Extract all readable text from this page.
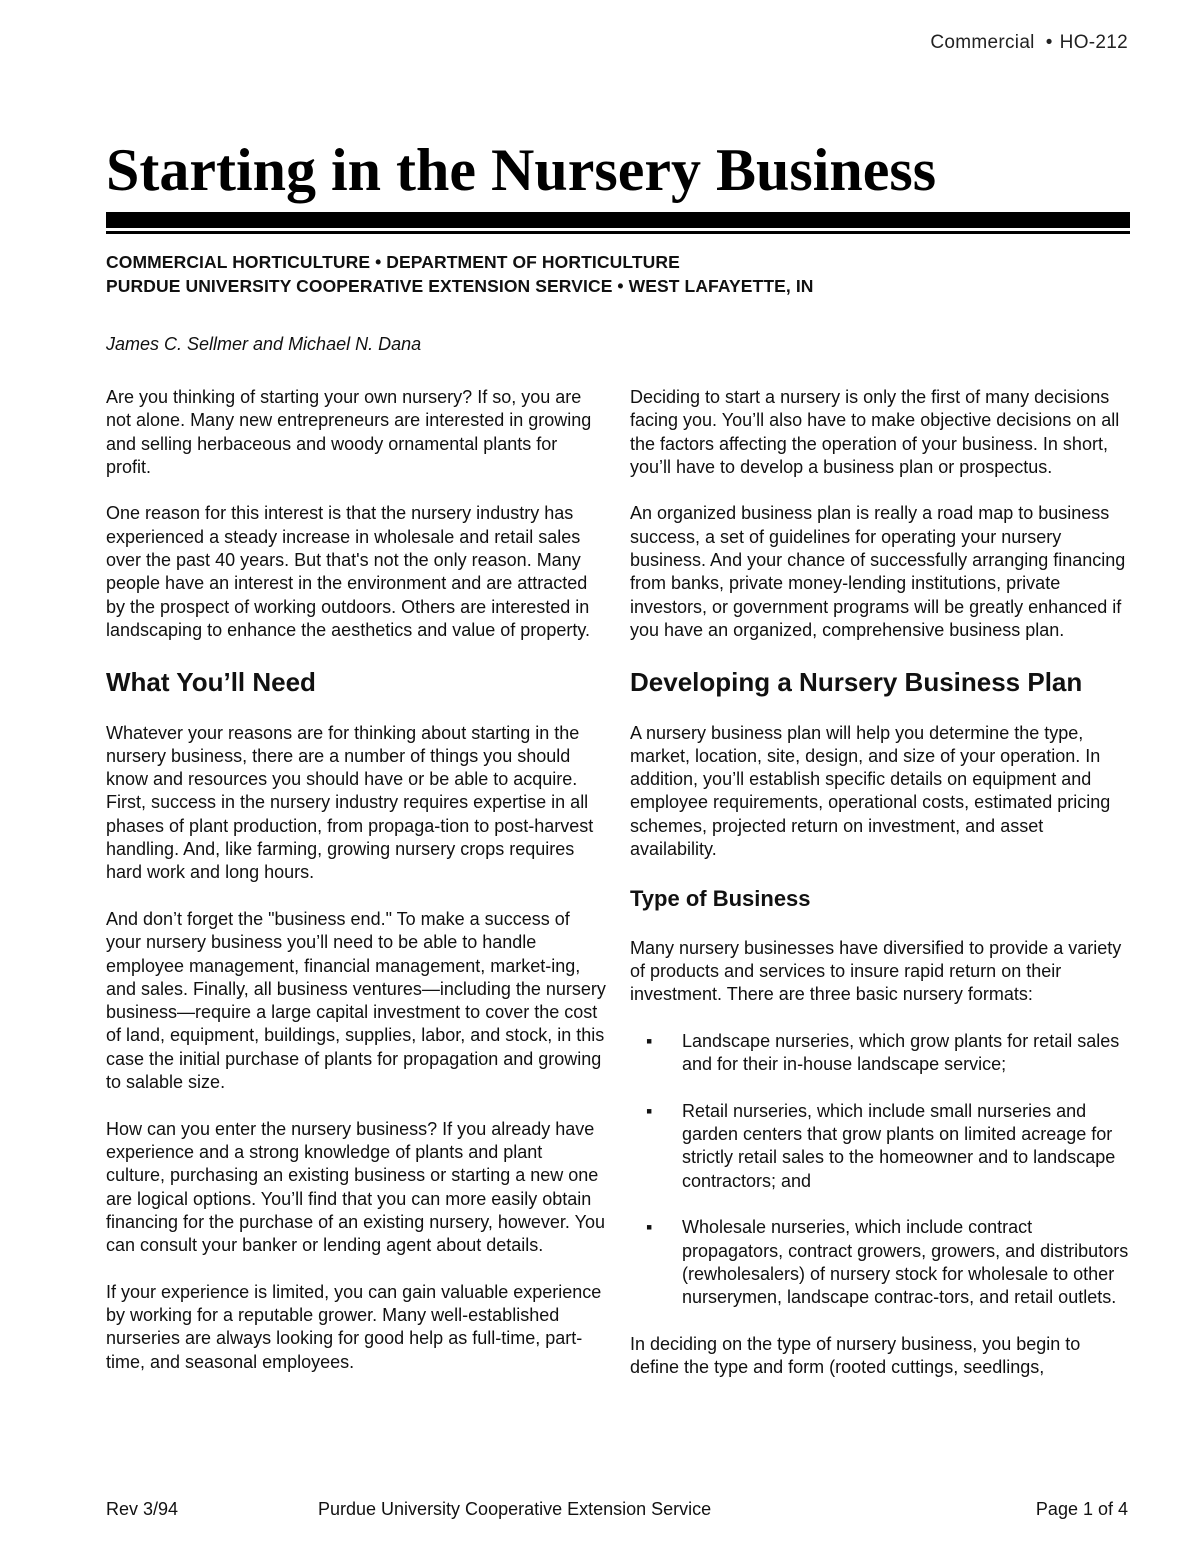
Commercial • HO-212
Starting in the Nursery Business
COMMERCIAL HORTICULTURE • DEPARTMENT OF HORTICULTURE
PURDUE UNIVERSITY COOPERATIVE EXTENSION SERVICE • WEST LAFAYETTE, IN
James C. Sellmer and Michael N. Dana

Are you thinking of starting your own nursery? If so, you are not alone. Many new entrepreneurs are interested in growing and selling herbaceous and woody ornamental plants for profit.

One reason for this interest is that the nursery industry has experienced a steady increase in wholesale and retail sales over the past 40 years. But that's not the only reason. Many people have an interest in the environment and are attracted by the prospect of working outdoors. Others are interested in landscaping to enhance the aesthetics and value of property.

What You’ll Need

Whatever your reasons are for thinking about starting in the nursery business, there are a number of things you should know and resources you should have or be able to acquire. First, success in the nursery industry requires expertise in all phases of plant production, from propaga-tion to post-harvest handling. And, like farming, growing nursery crops requires hard work and long hours.

And don’t forget the "business end." To make a success of your nursery business you’ll need to be able to handle employee management, financial management, market-ing, and sales. Finally, all business ventures—including the nursery business—require a large capital investment to cover the cost of land, equipment, buildings, supplies, labor, and stock, in this case the initial purchase of plants for propagation and growing to salable size.

How can you enter the nursery business? If you already have experience and a strong knowledge of plants and plant culture, purchasing an existing business or starting a new one are logical options. You’ll find that you can more easily obtain financing for the purchase of an existing nursery, however. You can consult your banker or lending agent about details.

If your experience is limited, you can gain valuable experience by working for a reputable grower. Many well-established nurseries are always looking for good help as full-time, part-time, and seasonal employees.

Deciding to start a nursery is only the first of many decisions facing you. You’ll also have to make objective decisions on all the factors affecting the operation of your business. In short, you’ll have to develop a business plan or prospectus.

An organized business plan is really a road map to business success, a set of guidelines for operating your nursery business. And your chance of successfully arranging financing from banks, private money-lending institutions, private investors, or government programs will be greatly enhanced if you have an organized, comprehensive business plan.

Developing a Nursery Business Plan

A nursery business plan will help you determine the type, market, location, site, design, and size of your operation. In addition, you’ll establish specific details on equipment and employee requirements, operational costs, estimated pricing schemes, projected return on investment, and asset availability.

Type of Business

Many nursery businesses have diversified to provide a variety of products and services to insure rapid return on their investment. There are three basic nursery formats:

▪ Landscape nurseries, which grow plants for retail sales and for their in-house landscape service;
▪ Retail nurseries, which include small nurseries and garden centers that grow plants on limited acreage for strictly retail sales to the homeowner and to landscape contractors; and
▪ Wholesale nurseries, which include contract propagators, contract growers, growers, and distributors (rewholesalers) of nursery stock for wholesale to other nurserymen, landscape contrac-tors, and retail outlets.

In deciding on the type of nursery business, you begin to define the type and form (rooted cuttings, seedlings,

Rev 3/94	Purdue University Cooperative Extension Service	Page 1 of 4
